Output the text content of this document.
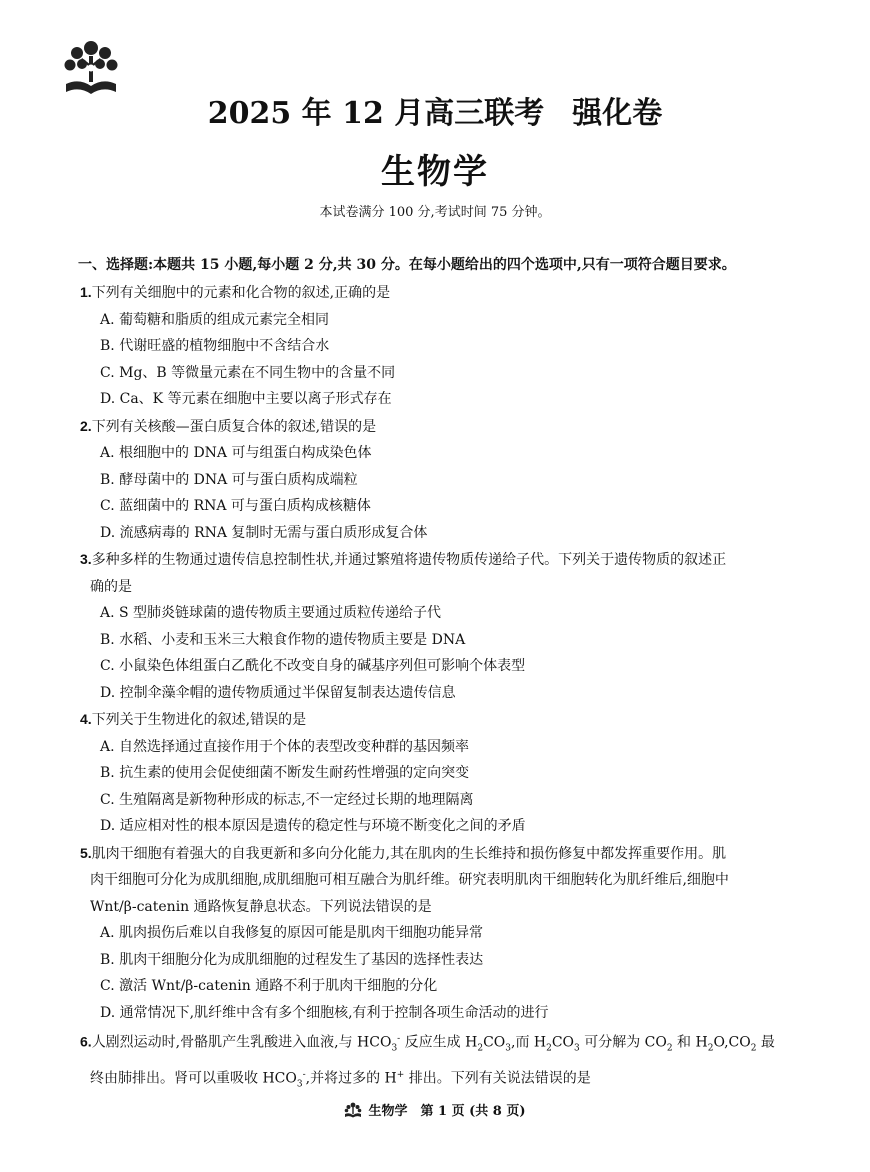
2025 年 12 月高三联考 强化卷
生物学
本试卷满分 100 分,考试时间 75 分钟。
一、选择题:本题共 15 小题,每小题 2 分,共 30 分。在每小题给出的四个选项中,只有一项符合题目要求。
1.下列有关细胞中的元素和化合物的叙述,正确的是
A. 葡萄糖和脂质的组成元素完全相同
B. 代谢旺盛的植物细胞中不含结合水
C. Mg、B 等微量元素在不同生物中的含量不同
D. Ca、K 等元素在细胞中主要以离子形式存在
2.下列有关核酸—蛋白质复合体的叙述,错误的是
A. 根细胞中的 DNA 可与组蛋白构成染色体
B. 酵母菌中的 DNA 可与蛋白质构成端粒
C. 蓝细菌中的 RNA 可与蛋白质构成核糖体
D. 流感病毒的 RNA 复制时无需与蛋白质形成复合体
3.多种多样的生物通过遗传信息控制性状,并通过繁殖将遗传物质传递给子代。下列关于遗传物质的叙述正
确的是
A. S 型肺炎链球菌的遗传物质主要通过质粒传递给子代
B. 水稻、小麦和玉米三大粮食作物的遗传物质主要是 DNA
C. 小鼠染色体组蛋白乙酰化不改变自身的碱基序列但可影响个体表型
D. 控制伞藻伞帽的遗传物质通过半保留复制表达遗传信息
4.下列关于生物进化的叙述,错误的是
A. 自然选择通过直接作用于个体的表型改变种群的基因频率
B. 抗生素的使用会促使细菌不断发生耐药性增强的定向突变
C. 生殖隔离是新物种形成的标志,不一定经过长期的地理隔离
D. 适应相对性的根本原因是遗传的稳定性与环境不断变化之间的矛盾
5.肌肉干细胞有着强大的自我更新和多向分化能力,其在肌肉的生长维持和损伤修复中都发挥重要作用。肌
肉干细胞可分化为成肌细胞,成肌细胞可相互融合为肌纤维。研究表明肌肉干细胞转化为肌纤维后,细胞中
Wnt/β-catenin 通路恢复静息状态。下列说法错误的是
A. 肌肉损伤后难以自我修复的原因可能是肌肉干细胞功能异常
B. 肌肉干细胞分化为成肌细胞的过程发生了基因的选择性表达
C. 激活 Wnt/β-catenin 通路不利于肌肉干细胞的分化
D. 通常情况下,肌纤维中含有多个细胞核,有利于控制各项生命活动的进行
6.人剧烈运动时,骨骼肌产生乳酸进入血液,与 $HCO_3^-$ 反应生成 $H_2CO_3$,而 $H_2CO_3$ 可分解为 $CO_2$ 和 $H_2O,CO_2$ 最
终由肺排出。肾可以重吸收 $HCO_3^-$,并将过多的 H+ 排出。下列有关说法错误的是
生物学　第 1 页 (共 8 页)
